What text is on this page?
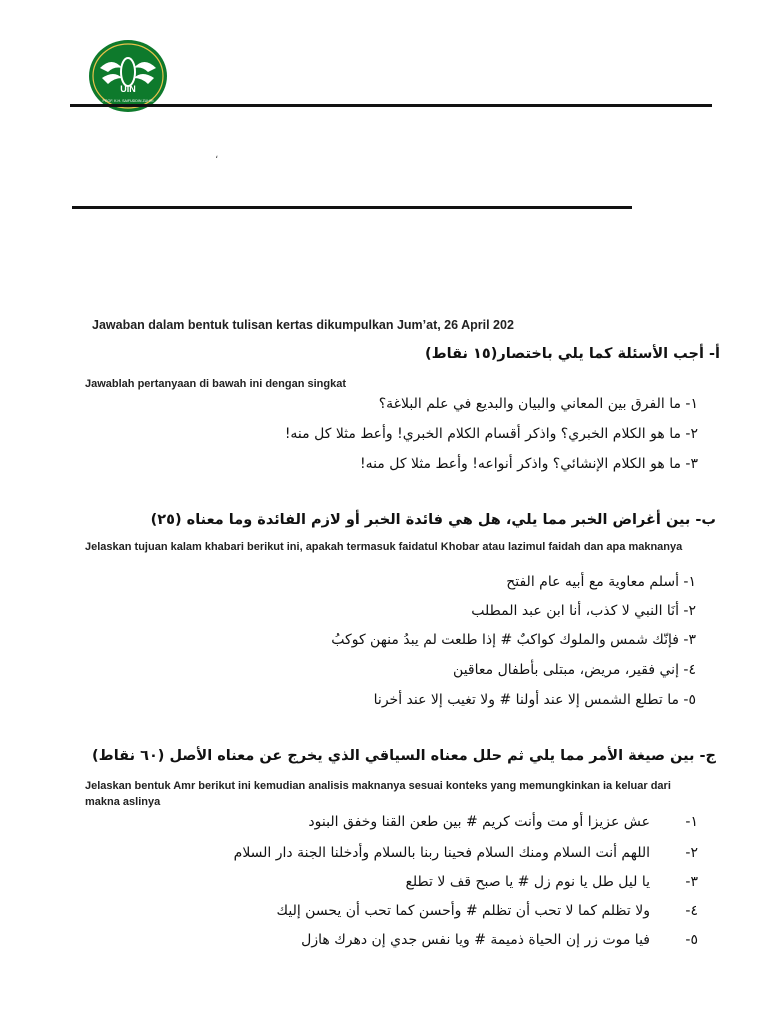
UIN
PROF. K.H. SAIFUDDIN ZUHRI
،
Jawaban dalam bentuk tulisan kertas dikumpulkan Jum’at, 26 April 202
أ- أجب الأسئلة كما يلي باختصار(١٥ نقاط)
Jawablah pertanyaan di bawah ini dengan singkat
١- ما الفرق بين المعاني والبيان والبديع في علم البلاغة؟
٢- ما هو الكلام الخبري؟ واذكر أقسام الكلام الخبري! وأعط مثلا كل منه!
٣- ما هو الكلام الإنشائي؟ واذكر أنواعه! وأعط مثلا كل منه!
ب- بين أغراض الخبر مما يلي، هل هي فائدة الخبر أو لازم الفائدة وما معناه (٢٥)
Jelaskan tujuan kalam khabari berikut ini, apakah termasuk faidatul Khobar atau lazimul faidah dan apa maknanya
١- أسلم معاوية مع أبيه عام الفتح
٢- أنَا النبي لا كذب، أنا ابن عبد المطلب
٣- فإنّك شمس والملوك كواكبٌ # إذا طلعت لم يبدُ منهن كوكبُ
٤- إني فقير، مريض، مبتلى بأطفال معاقين
٥- ما تطلع الشمس إلا عند أولنا # ولا تغيب إلا عند أخرنا
ج- بين صيغة الأمر مما يلي ثم حلل معناه السياقي الذي يخرج عن معناه الأصل (٦٠ نقاط)
Jelaskan bentuk Amr berikut ini kemudian analisis maknanya sesuai konteks yang memungkinkan ia keluar dari makna aslinya
١-
عش عزيزا أو مت وأنت كريم # بين طعن القنا وخفق البنود
٢-
اللهم أنت السلام ومنك السلام فحينا ربنا بالسلام وأدخلنا الجنة دار السلام
٣-
يا ليل طل يا نوم زل # يا صبح قف لا تطلع
٤-
ولا تظلم كما لا تحب أن تظلم # وأحسن كما تحب أن يحسن إليك
٥-
فيا موت زر إن الحياة ذميمة # ويا نفس جدي إن دهرك هازل
